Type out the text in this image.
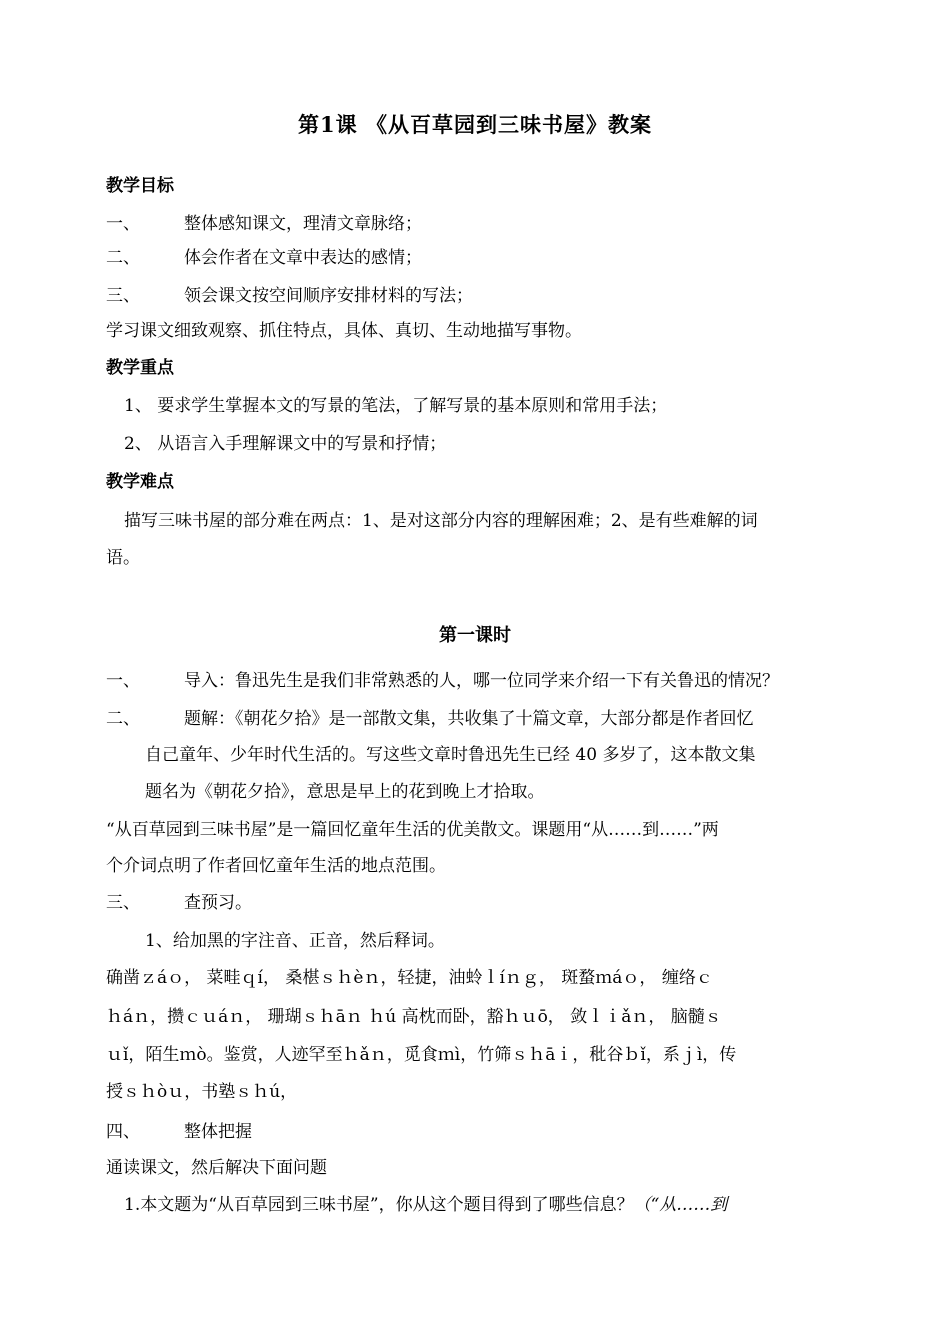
第1课 《从百草园到三味书屋》教案
教学目标
一、	整体感知课文，理清文章脉络；
二、	体会作者在文章中表达的感情；
三、	领会课文按空间顺序安排材料的写法；
学习课文细致观察、抓住特点，具体、真切、生动地描写事物。
教学重点
1、 要求学生掌握本文的写景的笔法，了解写景的基本原则和常用手法；
2、 从语言入手理解课文中的写景和抒情；
教学难点
描写三味书屋的部分难在两点：1、是对这部分内容的理解困难；2、是有些难解的词
语。
第一课时
一、	导入：鲁迅先生是我们非常熟悉的人，哪一位同学来介绍一下有关鲁迅的情况？
二、	题解：《朝花夕拾》是一部散文集，共收集了十篇文章，大部分都是作者回忆
自己童年、少年时代生活的。写这些文章时鲁迅先生已经 40 多岁了，这本散文集
题名为《朝花夕拾》，意思是早上的花到晚上才拾取。
“从百草园到三味书屋”是一篇回忆童年生活的优美散文。课题用“从……到……”两
个介词点明了作者回忆童年生活的地点范围。
三、	查预习。
1、给加黑的字注音、正音，然后释词。
确凿ｚáｏ， 菜畦ｑí， 桑椹ｓｈèｎ，轻捷，油蛉ｌíｎｇ， 斑蝥ｍáｏ， 缠络ｃ
ｈáｎ，攒ｃｕáｎ， 珊瑚ｓｈāｎ ｈú 高枕而卧，豁ｈｕō， 敛ｌｉǎｎ， 脑髓ｓ
ｕǐ，陌生ｍò。鉴赏，人迹罕至ｈǎｎ，觅食ｍì，竹筛ｓｈāｉ，秕谷ｂǐ，系ｊì，传
授ｓｈòｕ，书塾ｓｈú，
四、	整体把握
通读课文，然后解决下面问题
1.本文题为“从百草园到三味书屋”，你从这个题目得到了哪些信息？（“从……到
